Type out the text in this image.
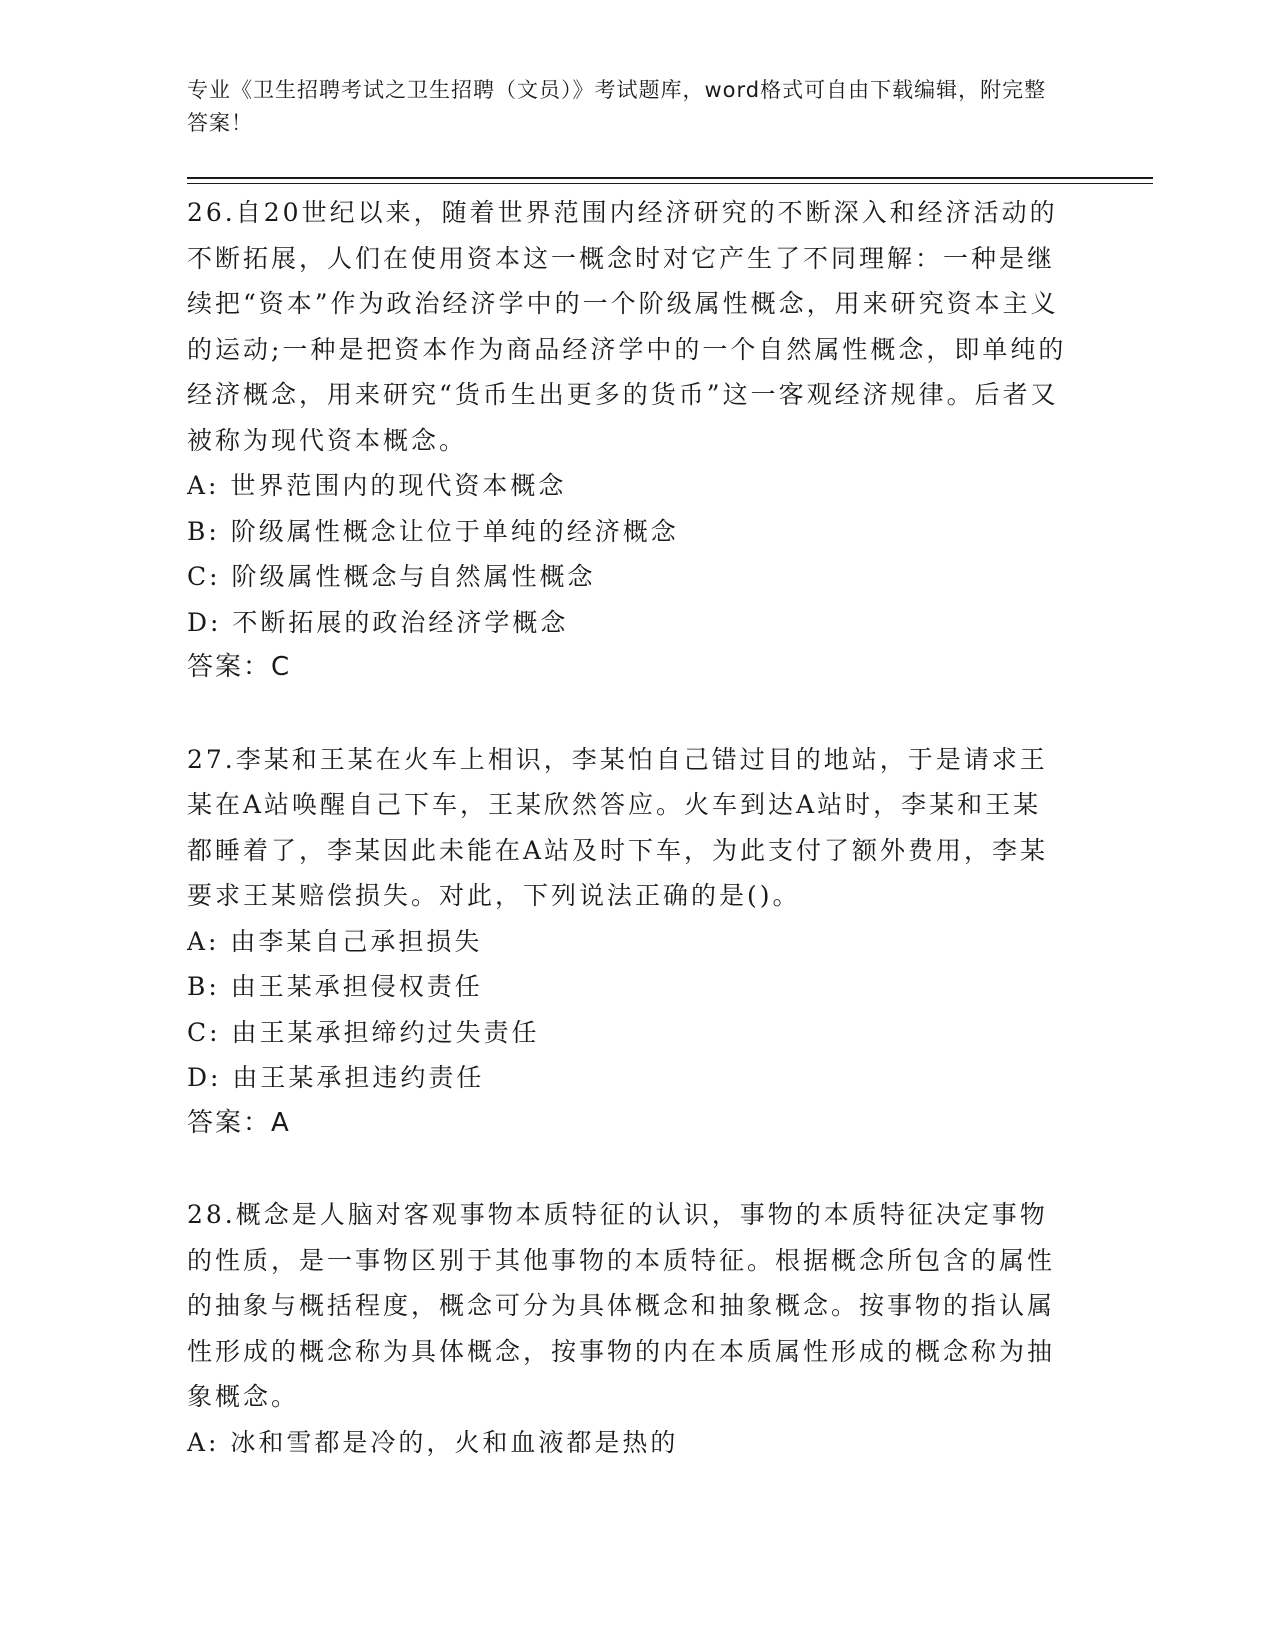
专业《卫生招聘考试之卫生招聘（文员）》考试题库，word格式可自由下载编辑，附完整答案！

26.自20世纪以来，随着世界范围内经济研究的不断深入和经济活动的不断拓展，人们在使用资本这一概念时对它产生了不同理解：一种是继续把“资本”作为政治经济学中的一个阶级属性概念，用来研究资本主义的运动;一种是把资本作为商品经济学中的一个自然属性概念，即单纯的经济概念，用来研究“货币生出更多的货币”这一客观经济规律。后者又被称为现代资本概念。

A: 世界范围内的现代资本概念

B: 阶级属性概念让位于单纯的经济概念

C: 阶级属性概念与自然属性概念

D: 不断拓展的政治经济学概念

答案：C

27.李某和王某在火车上相识，李某怕自己错过目的地站，于是请求王某在A站唤醒自己下车，王某欣然答应。火车到达A站时，李某和王某都睡着了，李某因此未能在A站及时下车，为此支付了额外费用，李某要求王某赔偿损失。对此，下列说法正确的是()。

A: 由李某自己承担损失

B: 由王某承担侵权责任

C: 由王某承担缔约过失责任

D: 由王某承担违约责任

答案：A

28.概念是人脑对客观事物本质特征的认识，事物的本质特征决定事物的性质，是一事物区别于其他事物的本质特征。根据概念所包含的属性的抽象与概括程度，概念可分为具体概念和抽象概念。按事物的指认属性形成的概念称为具体概念，按事物的内在本质属性形成的概念称为抽象概念。

A: 冰和雪都是冷的，火和血液都是热的
